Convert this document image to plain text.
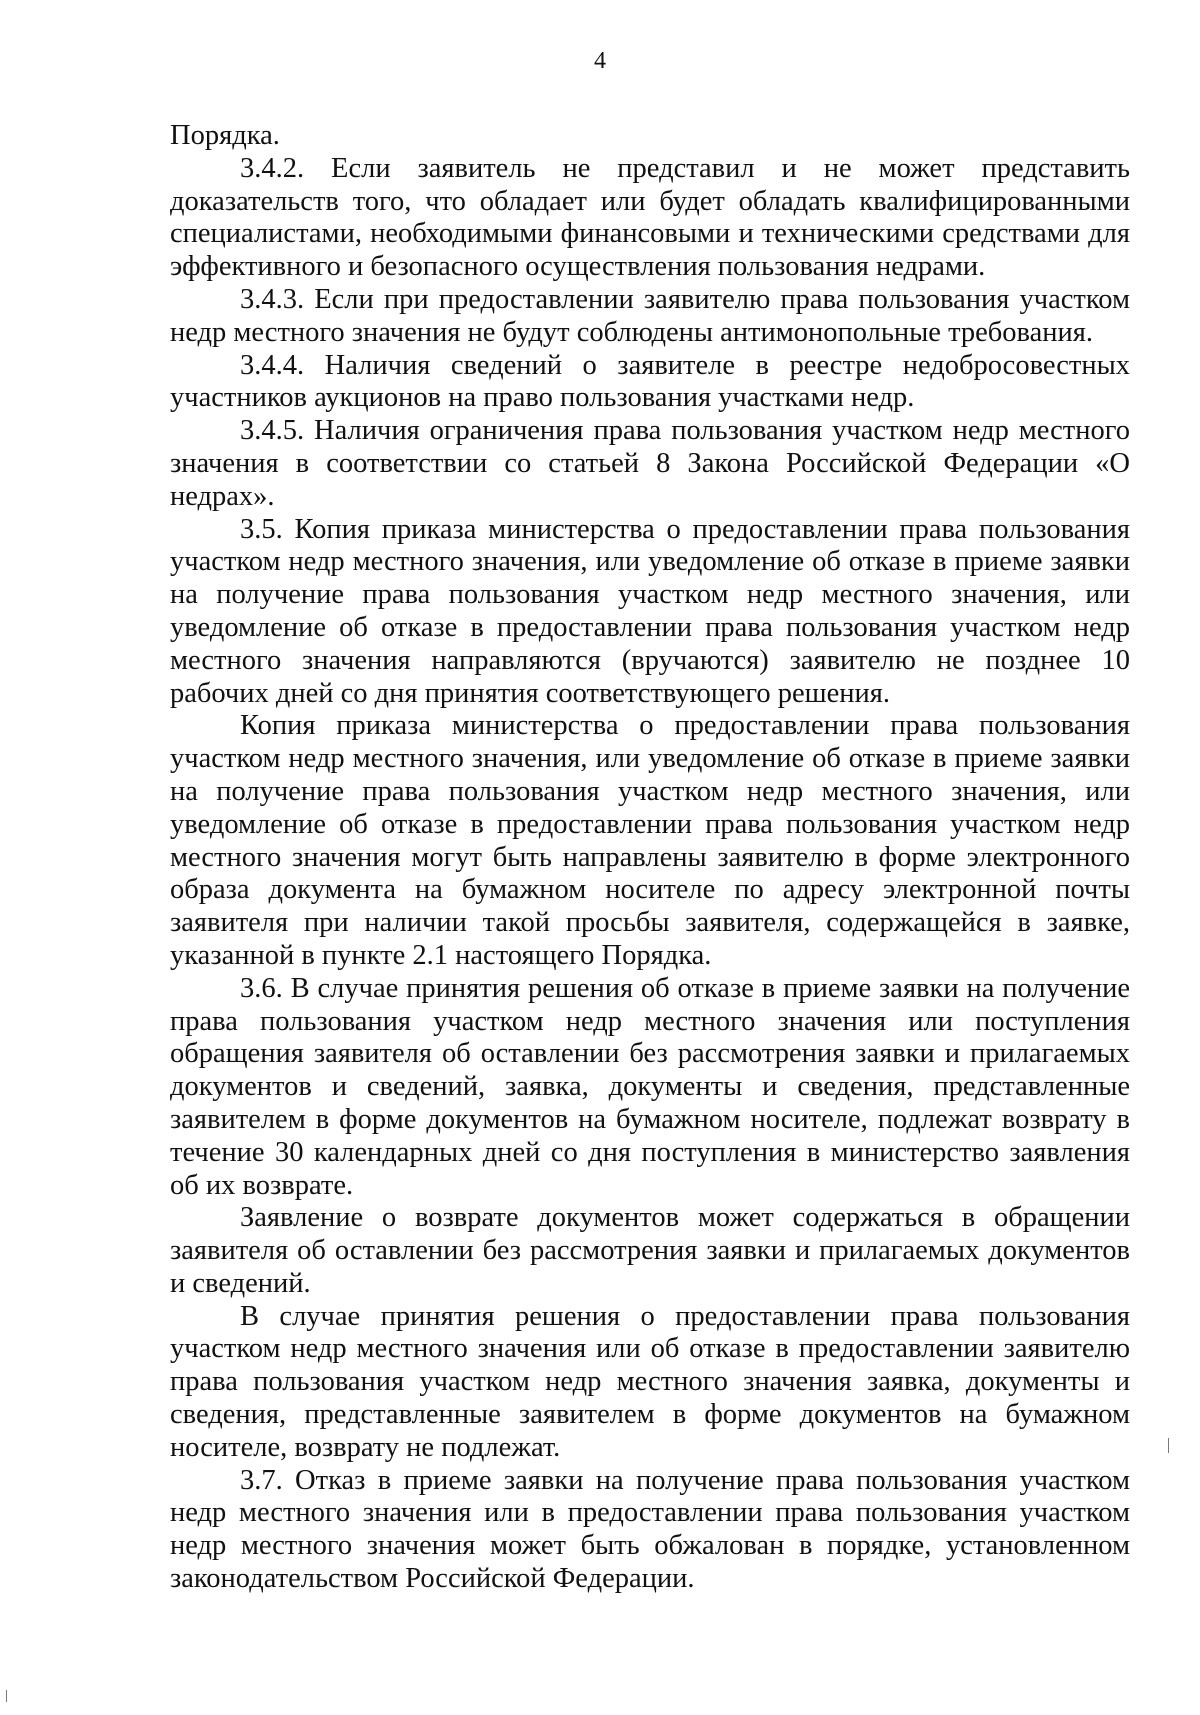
4

Порядка.

3.4.2. Если заявитель не представил и не может представить доказательств того, что обладает или будет обладать квалифицированными специалистами, необходимыми финансовыми и техническими средствами для эффективного и безопасного осуществления пользования недрами.

3.4.3. Если при предоставлении заявителю права пользования участком недр местного значения не будут соблюдены антимонопольные требования.

3.4.4. Наличия сведений о заявителе в реестре недобросовестных участников аукционов на право пользования участками недр.

3.4.5. Наличия ограничения права пользования участком недр местного значения в соответствии со статьей 8 Закона Российской Федерации «О недрах».

3.5. Копия приказа министерства о предоставлении права пользования участком недр местного значения, или уведомление об отказе в приеме заявки на получение права пользования участком недр местного значения, или уведомление об отказе в предоставлении права пользования участком недр местного значения направляются (вручаются) заявителю не позднее 10 рабочих дней со дня принятия соответствующего решения.

Копия приказа министерства о предоставлении права пользования участком недр местного значения, или уведомление об отказе в приеме заявки на получение права пользования участком недр местного значения, или уведомление об отказе в предоставлении права пользования участком недр местного значения могут быть направлены заявителю в форме электронного образа документа на бумажном носителе по адресу электронной почты заявителя при наличии такой просьбы заявителя, содержащейся в заявке, указанной в пункте 2.1 настоящего Порядка.

3.6. В случае принятия решения об отказе в приеме заявки на получение права пользования участком недр местного значения или поступления обращения заявителя об оставлении без рассмотрения заявки и прилагаемых документов и сведений, заявка, документы и сведения, представленные заявителем в форме документов на бумажном носителе, подлежат возврату в течение 30 календарных дней со дня поступления в министерство заявления об их возврате.

Заявление о возврате документов может содержаться в обращении заявителя об оставлении без рассмотрения заявки и прилагаемых документов и сведений.

В случае принятия решения о предоставлении права пользования участком недр местного значения или об отказе в предоставлении заявителю права пользования участком недр местного значения заявка, документы и сведения, представленные заявителем в форме документов на бумажном носителе, возврату не подлежат.

3.7. Отказ в приеме заявки на получение права пользования участком недр местного значения или в предоставлении права пользования участком недр местного значения может быть обжалован в порядке, установленном законодательством Российской Федерации.
